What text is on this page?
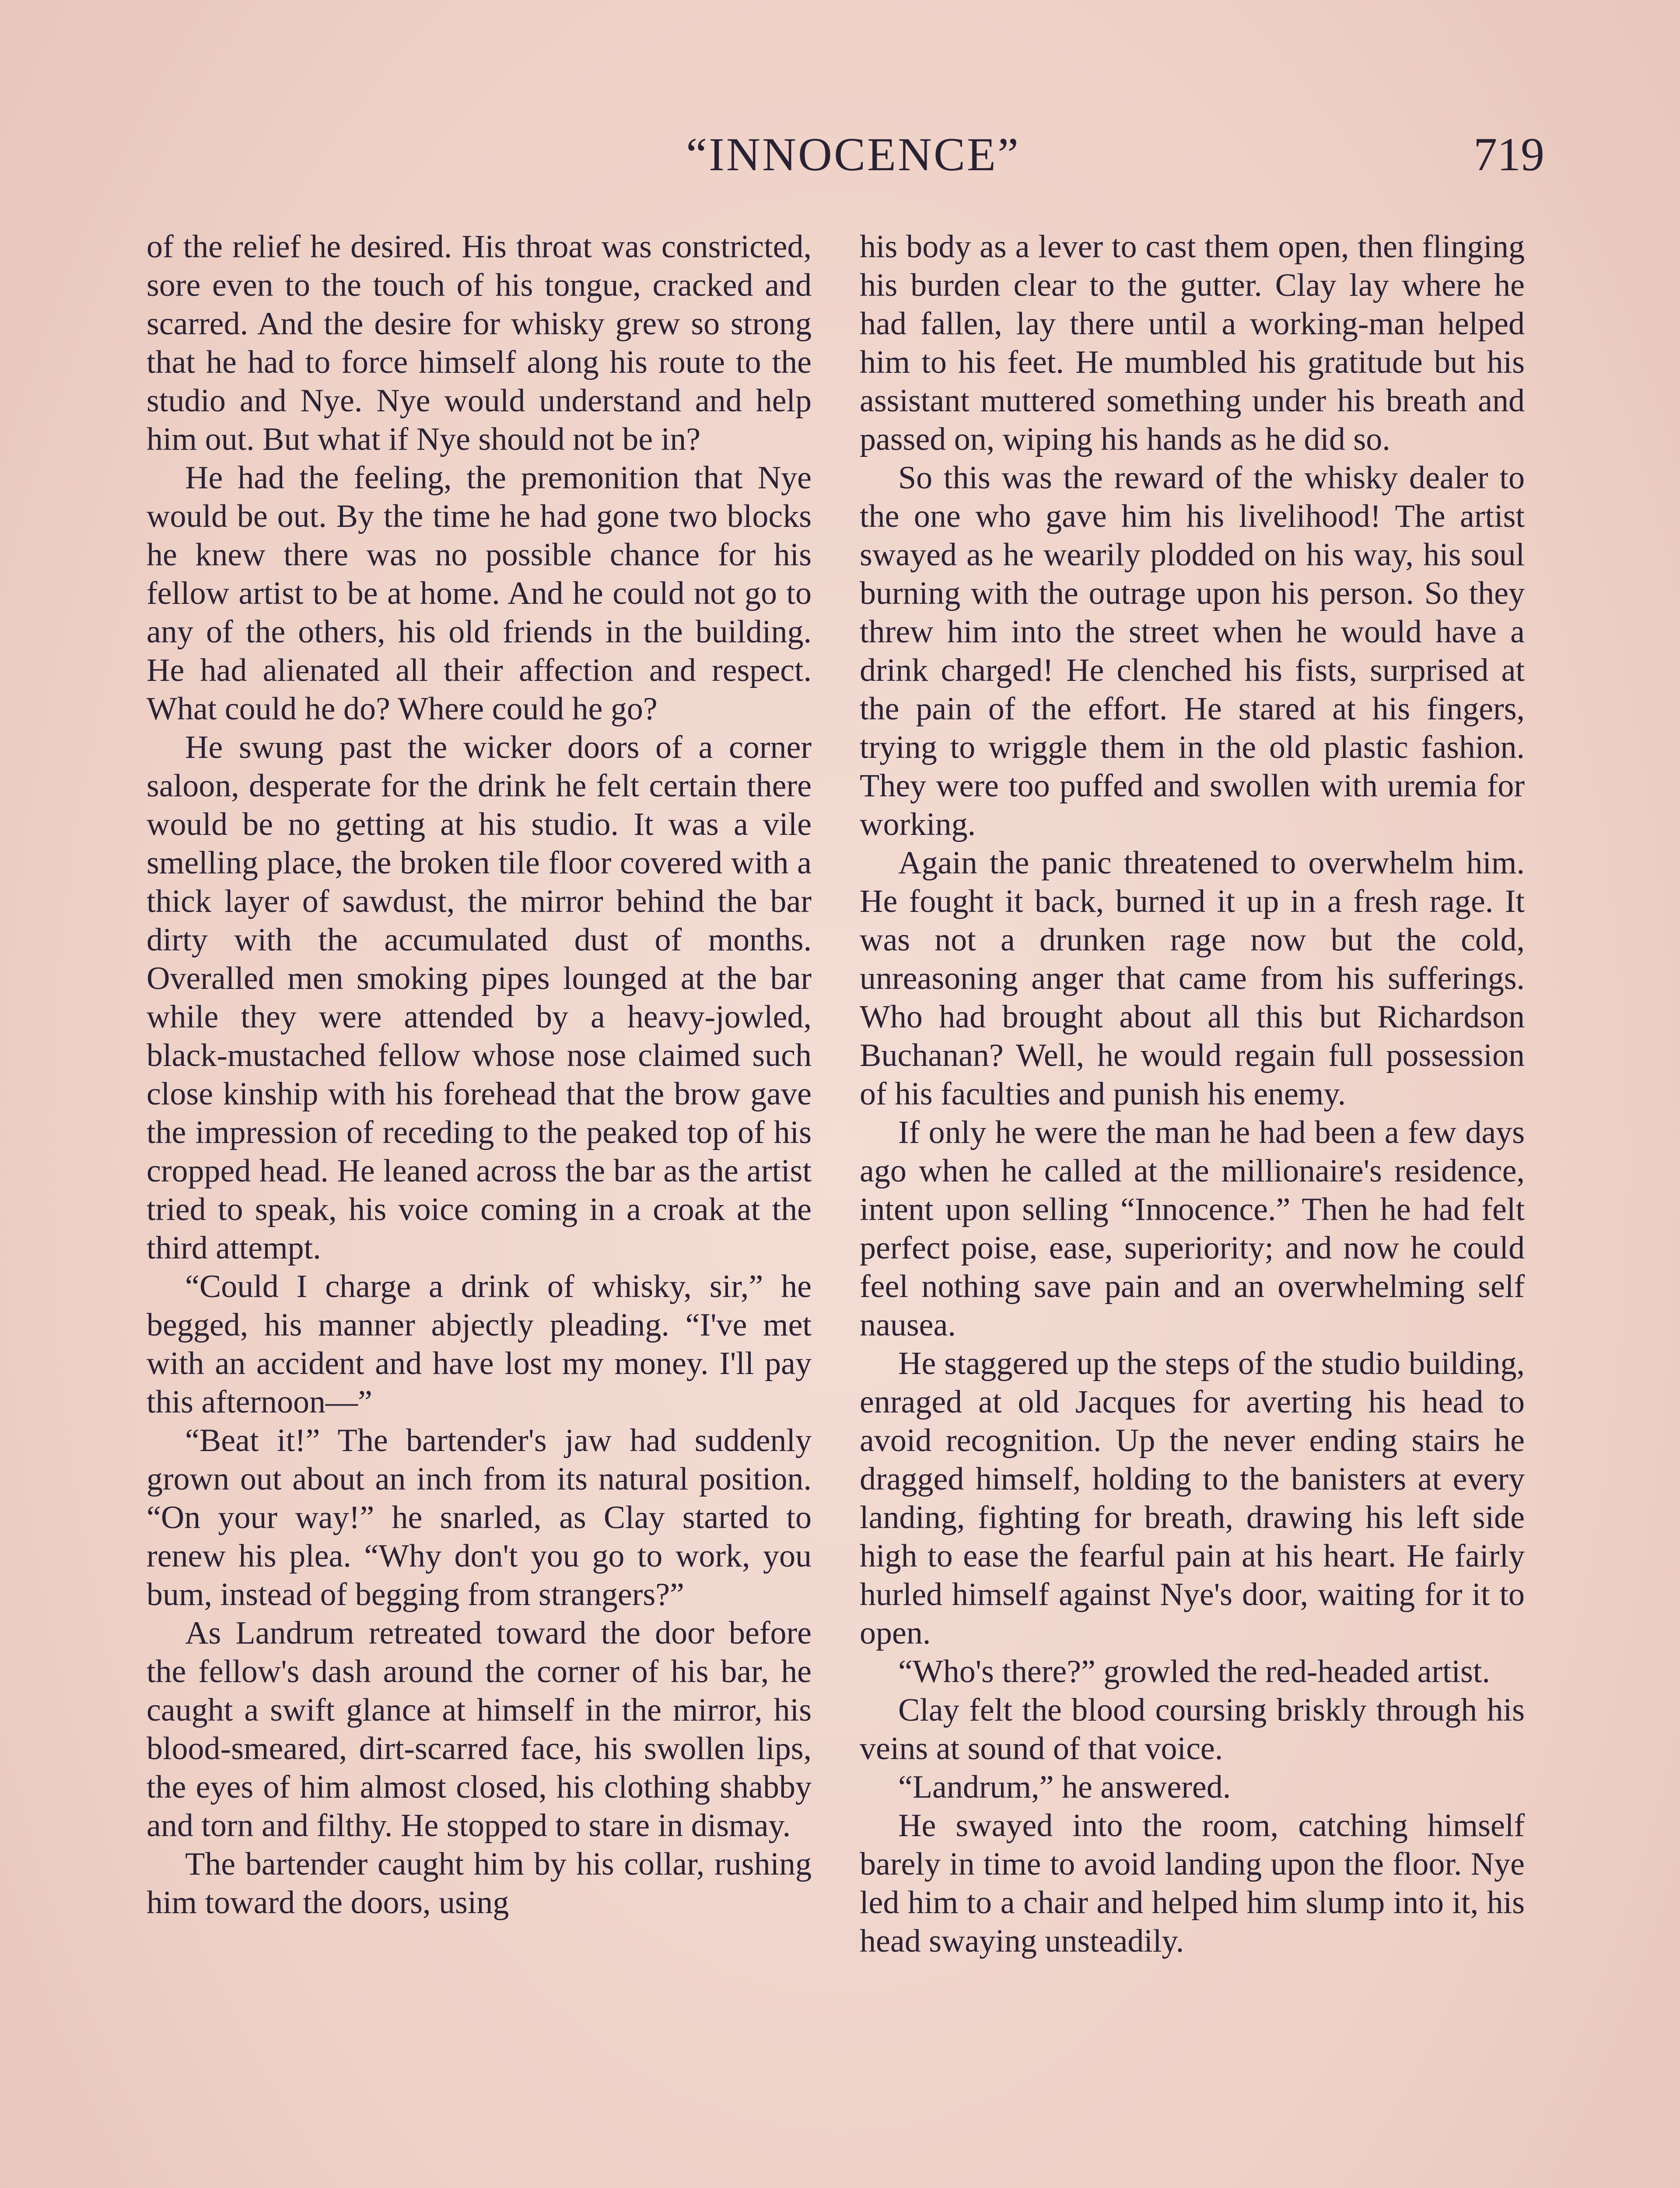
“INNOCENCE”	719

of the relief he desired. His throat was constricted, sore even to the touch of his tongue, cracked and scarred. And the desire for whisky grew so strong that he had to force himself along his route to the studio and Nye. Nye would understand and help him out. But what if Nye should not be in?

He had the feeling, the premonition that Nye would be out. By the time he had gone two blocks he knew there was no possible chance for his fellow artist to be at home. And he could not go to any of the others, his old friends in the building. He had alienated all their affection and respect. What could he do? Where could he go?

He swung past the wicker doors of a corner saloon, desperate for the drink he felt certain there would be no getting at his studio. It was a vile smelling place, the broken tile floor covered with a thick layer of sawdust, the mirror behind the bar dirty with the accumulated dust of months. Overalled men smoking pipes lounged at the bar while they were attended by a heavy-jowled, black-mustached fellow whose nose claimed such close kinship with his forehead that the brow gave the impression of receding to the peaked top of his cropped head. He leaned across the bar as the artist tried to speak, his voice coming in a croak at the third attempt.

“Could I charge a drink of whisky, sir,” he begged, his manner abjectly pleading. “I've met with an accident and have lost my money. I'll pay this afternoon—”

“Beat it!” The bartender's jaw had suddenly grown out about an inch from its natural position. “On your way!” he snarled, as Clay started to renew his plea. “Why don't you go to work, you bum, instead of begging from strangers?”

As Landrum retreated toward the door before the fellow's dash around the corner of his bar, he caught a swift glance at himself in the mirror, his blood-smeared, dirt-scarred face, his swollen lips, the eyes of him almost closed, his clothing shabby and torn and filthy. He stopped to stare in dismay.

The bartender caught him by his collar, rushing him toward the doors, using

his body as a lever to cast them open, then flinging his burden clear to the gutter. Clay lay where he had fallen, lay there until a working-man helped him to his feet. He mumbled his gratitude but his assistant muttered something under his breath and passed on, wiping his hands as he did so.

So this was the reward of the whisky dealer to the one who gave him his livelihood! The artist swayed as he wearily plodded on his way, his soul burning with the outrage upon his person. So they threw him into the street when he would have a drink charged! He clenched his fists, surprised at the pain of the effort. He stared at his fingers, trying to wriggle them in the old plastic fashion. They were too puffed and swollen with uremia for working.

Again the panic threatened to overwhelm him. He fought it back, burned it up in a fresh rage. It was not a drunken rage now but the cold, unreasoning anger that came from his sufferings. Who had brought about all this but Richardson Buchanan? Well, he would regain full possession of his faculties and punish his enemy.

If only he were the man he had been a few days ago when he called at the millionaire's residence, intent upon selling “Innocence.” Then he had felt perfect poise, ease, superiority; and now he could feel nothing save pain and an overwhelming self nausea.

He staggered up the steps of the studio building, enraged at old Jacques for averting his head to avoid recognition. Up the never ending stairs he dragged himself, holding to the banisters at every landing, fighting for breath, drawing his left side high to ease the fearful pain at his heart. He fairly hurled himself against Nye's door, waiting for it to open.

“Who's there?” growled the red-headed artist.

Clay felt the blood coursing briskly through his veins at sound of that voice.

“Landrum,” he answered.

He swayed into the room, catching himself barely in time to avoid landing upon the floor. Nye led him to a chair and helped him slump into it, his head swaying unsteadily.
